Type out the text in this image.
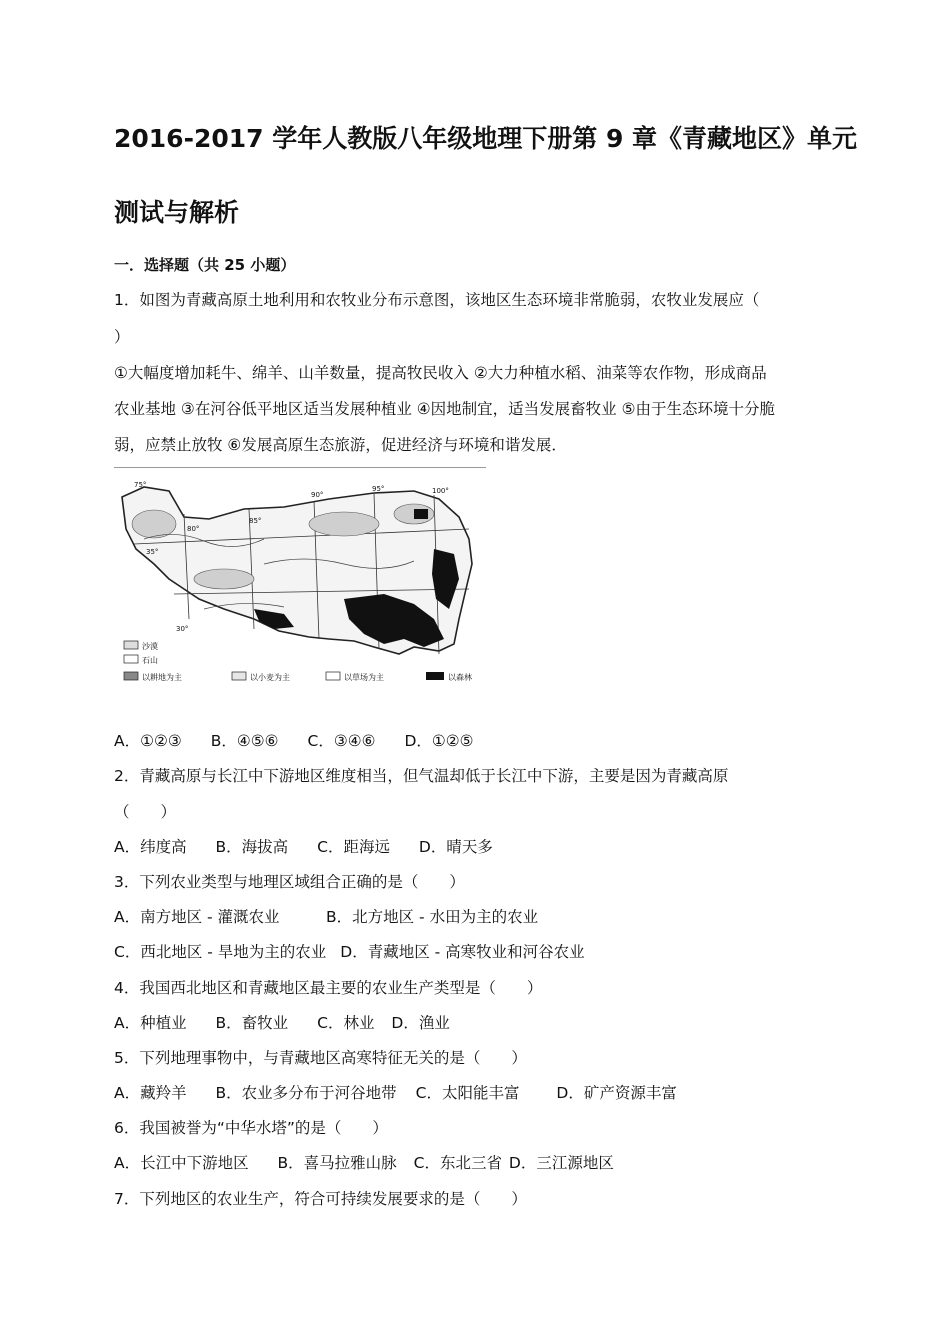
2016-2017 学年人教版八年级地理下册第 9 章《青藏地区》单元
测试与解析
一．选择题（共 25 小题）
1．如图为青藏高原土地利用和农牧业分布示意图，该地区生态环境非常脆弱，农牧业发展应（
）
①大幅度增加耗牛、绵羊、山羊数量，提高牧民收入 ②大力种植水稻、油菜等农作物，形成商品
农业基地 ③在河谷低平地区适当发展种植业 ④因地制宜，适当发展畜牧业 ⑤由于生态环境十分脆
弱，应禁止放牧 ⑥发展高原生态旅游，促进经济与环境和谐发展．
75°
80°
85°
90°
95°	100°
35°
30°
沙漠
石山
以耕地为主	以小麦为主	以草场为主	以森林
A．①②③ B．④⑤⑥ C．③④⑥ D．①②⑤
2．青藏高原与长江中下游地区维度相当，但气温却低于长江中下游，主要是因为青藏高原
（　　）
A．纬度高 B．海拔高 C．距海远 D．晴天多
3．下列农业类型与地理区域组合正确的是（　　）
A．南方地区 - 灌溉农业	B．北方地区 - 水田为主的农业
C．西北地区 - 旱地为主的农业 D．青藏地区 - 高寒牧业和河谷农业
4．我国西北地区和青藏地区最主要的农业生产类型是（　　）
A．种植业 B．畜牧业 C．林业 D．渔业
5．下列地理事物中，与青藏地区高寒特征无关的是（　　）
A．藏羚羊 B．农业多分布于河谷地带 C．太阳能丰富 D．矿产资源丰富
6．我国被誉为“中华水塔”的是（　　）
A．长江中下游地区 B．喜马拉雅山脉 C．东北三省 D．三江源地区
7．下列地区的农业生产，符合可持续发展要求的是（　　）
